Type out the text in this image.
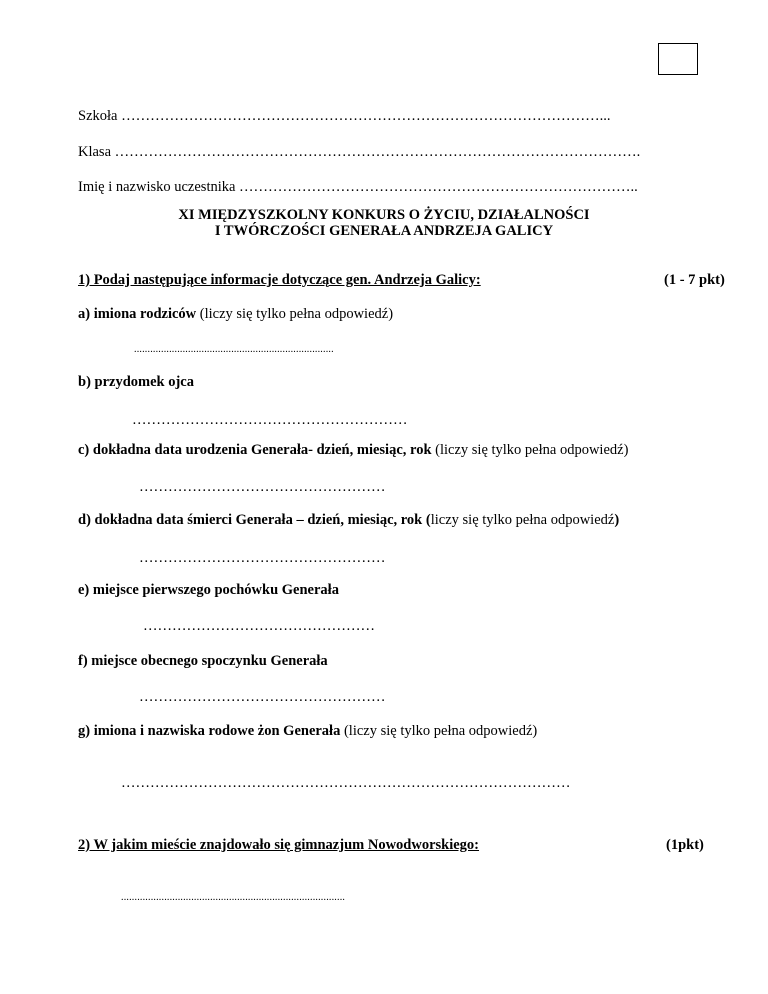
Szkoła ………………………………………………………………………………………...
Klasa ……………………………………………………………………………………………….
Imię i nazwisko uczestnika ………………………………………………………………………..
XI MIĘDZYSZKOLNY KONKURS O ŻYCIU, DZIAŁALNOŚCI
I TWÓRCZOŚCI GENERAŁA ANDRZEJA GALICY
1) Podaj następujące informacje dotyczące gen. Andrzeja Galicy:	(1 - 7 pkt)
a) imiona rodziców (liczy się tylko pełna odpowiedź)
..........................................................................
b) przydomek ojca
…………………………………………………
c) dokładna data urodzenia Generała- dzień, miesiąc, rok (liczy się tylko pełna odpowiedź)
……………………………………………
d) dokładna data śmierci Generała – dzień, miesiąc, rok (liczy się tylko pełna odpowiedź)
……………………………………………
e) miejsce pierwszego pochówku Generała
…………………………………………
f) miejsce obecnego spoczynku Generała
……………………………………………
g) imiona i nazwiska rodowe żon Generała (liczy się tylko pełna odpowiedź)
…………………………………………………………………………………
2) W jakim mieście znajdowało się gimnazjum Nowodworskiego:	(1pkt)
...................................................................................
